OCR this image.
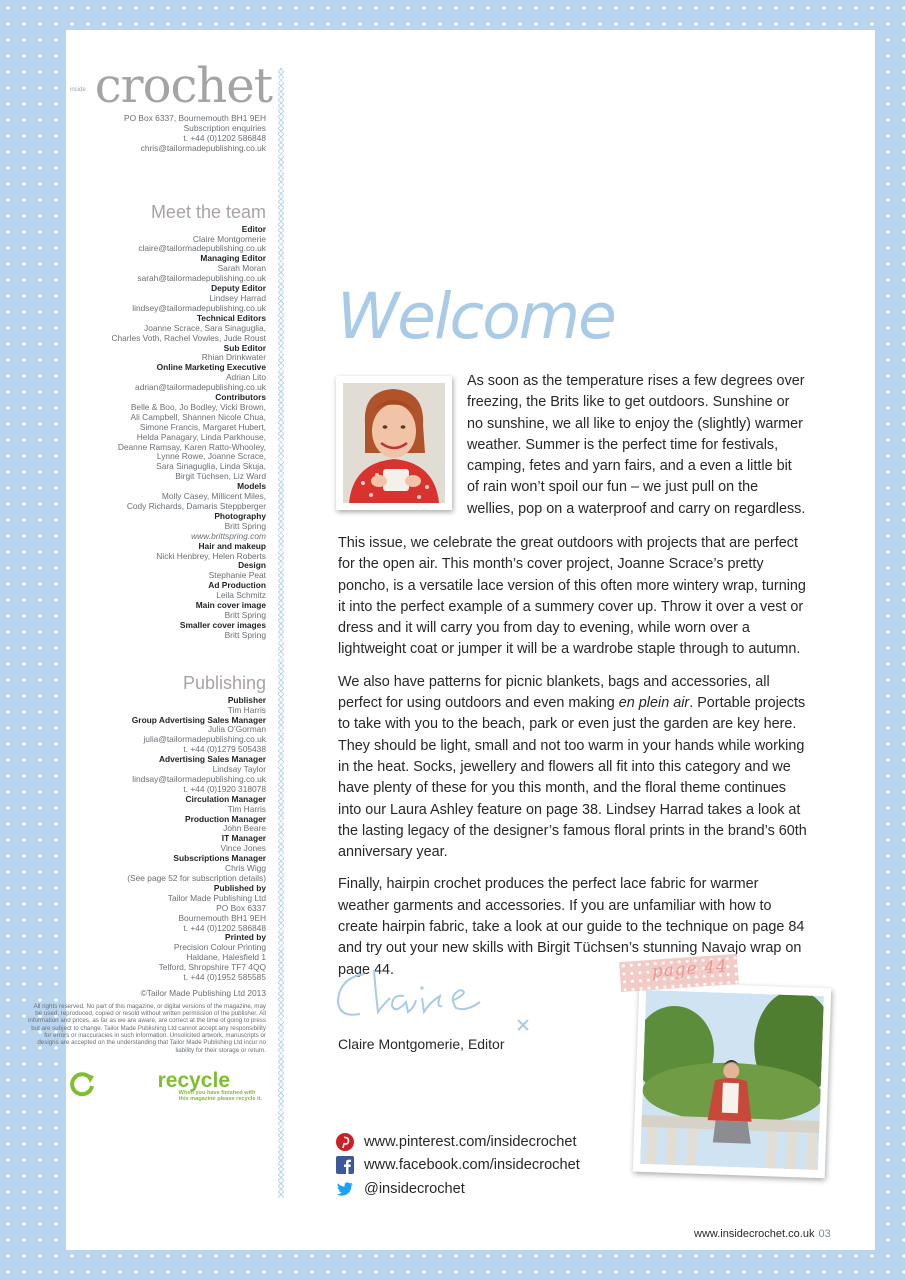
inside crochet
PO Box 6337, Bournemouth BH1 9EH
Subscription enquiries
t. +44 (0)1202 586848
chris@tailormadepublishing.co.uk
Meet the team
Editor
Claire Montgomerie
claire@tailormadepublishing.co.uk
Managing Editor
Sarah Moran
sarah@tailormadepublishing.co.uk
Deputy Editor
Lindsey Harrad
lindsey@tailormadepublishing.co.uk
Technical Editors
Joanne Scrace, Sara Sinaguglia,
Charles Voth, Rachel Vowles, Jude Roust
Sub Editor
Rhian Drinkwater
Online Marketing Executive
Adrian Lito
adrian@tailormadepublishing.co.uk
Contributors
Belle & Boo, Jo Bodley, Vicki Brown,
Ali Campbell, Shannen Nicole Chua,
Simone Francis, Margaret Hubert,
Helda Panagary, Linda Parkhouse,
Deanne Ramsay, Karen Ratto-Whooley,
Lynne Rowe, Joanne Scrace,
Sara Sinaguglia, Linda Skuja,
Birgit Tüchsen, Liz Ward
Models
Molly Casey, Millicent Miles,
Cody Richards, Damaris Steppberger
Photography
Britt Spring
www.brittspring.com
Hair and makeup
Nicki Henbrey, Helen Roberts
Design
Stephanie Peat
Ad Production
Leila Schmitz
Main cover image
Britt Spring
Smaller cover images
Britt Spring
Publishing
Publisher
Tim Harris
Group Advertising Sales Manager
Julia O’Gorman
julia@tailormadepublishing.co.uk
t. +44 (0)1279 505438
Advertising Sales Manager
Lindsay Taylor
lindsay@tailormadepublishing.co.uk
t. +44 (0)1920 318078
Circulation Manager
Tim Harris
Production Manager
John Beare
IT Manager
Vince Jones
Subscriptions Manager
Chris Wigg
(See page 52 for subscription details)
Published by
Tailor Made Publishing Ltd
PO Box 6337
Bournemouth BH1 9EH
t. +44 (0)1202 586848
Printed by
Precision Colour Printing
Haldane, Halesfield 1
Telford, Shropshire TF7 4QQ
t. +44 (0)1952 585585
©Tailor Made Publishing Ltd 2013
All rights reserved. No part of this magazine, or digital versions of the magazine, may be used, reproduced, copied or resold without written permission of the publisher. All information and prices, as far as we are aware, are correct at the time of going to press but are subject to change. Tailor Made Publishing Ltd cannot accept any responsibility for errors or inaccuracies in such information. Unsolicited artwork, manuscripts or designs are accepted on the understanding that Tailor Made Publishing Ltd incur no liability for their storage or return.
recycle
When you have finished with
this magazine please recycle it.
Welcome
As soon as the temperature rises a few degrees over freezing, the Brits like to get outdoors. Sunshine or no sunshine, we all like to enjoy the (slightly) warmer weather. Summer is the perfect time for festivals, camping, fetes and yarn fairs, and a even a little bit of rain won’t spoil our fun – we just pull on the wellies, pop on a waterproof and carry on regardless.

This issue, we celebrate the great outdoors with projects that are perfect for the open air. This month’s cover project, Joanne Scrace’s pretty poncho, is a versatile lace version of this often more wintery wrap, turning it into the perfect example of a summery cover up. Throw it over a vest or dress and it will carry you from day to evening, while worn over a lightweight coat or jumper it will be a wardrobe staple through to autumn.

We also have patterns for picnic blankets, bags and accessories, all perfect for using outdoors and even making en plein air. Portable projects to take with you to the beach, park or even just the garden are key here. They should be light, small and not too warm in your hands while working in the heat. Socks, jewellery and flowers all fit into this category and we have plenty of these for you this month, and the floral theme continues into our Laura Ashley feature on page 38. Lindsey Harrad takes a look at the lasting legacy of the designer’s famous floral prints in the brand’s 60th anniversary year.

Finally, hairpin crochet produces the perfect lace fabric for warmer weather garments and accessories. If you are unfamiliar with how to create hairpin fabric, take a look at our guide to the technique on page 84 and try out your new skills with Birgit Tüchsen’s stunning Navajo wrap on page 44.

Claire Montgomerie, Editor
page 44
www.pinterest.com/insidecrochet
www.facebook.com/insidecrochet
@insidecrochet
www.insidecrochet.co.uk 03
